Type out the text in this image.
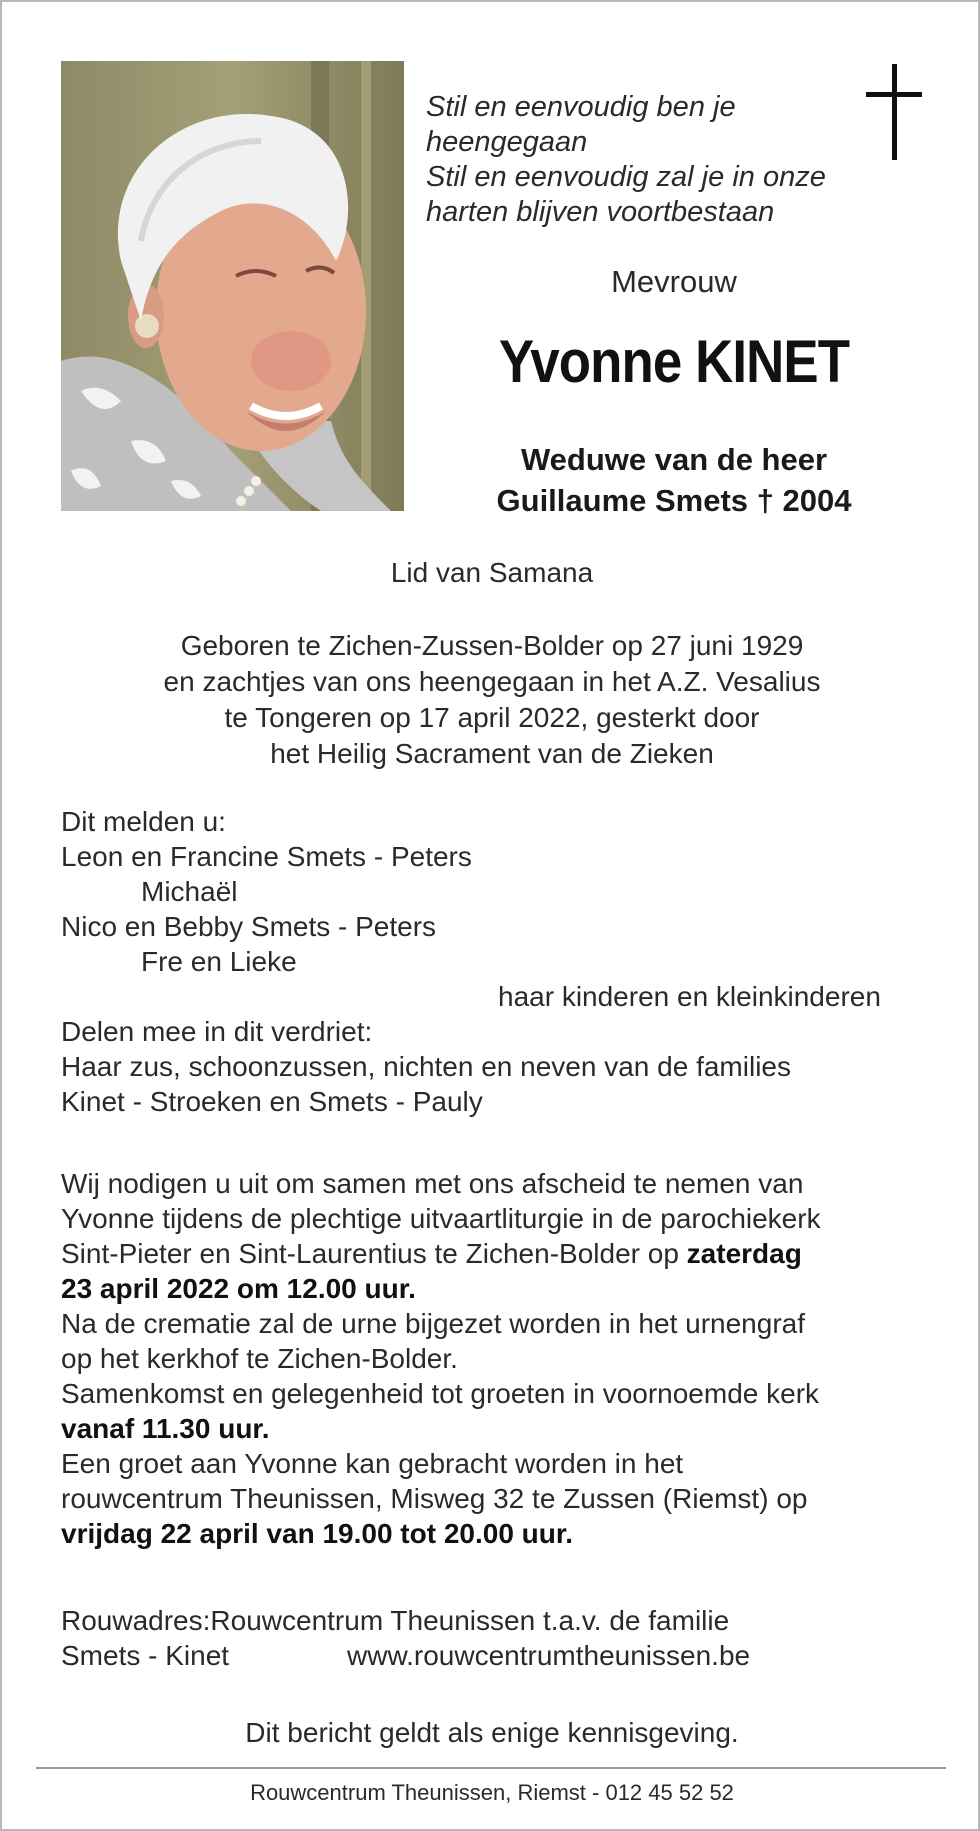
Stil en eenvoudig ben je
heengegaan
Stil en eenvoudig zal je in onze
harten blijven voortbestaan
Mevrouw
Yvonne KINET
Weduwe van de heer
Guillaume Smets † 2004
Lid van Samana
Geboren te Zichen-Zussen-Bolder op 27 juni 1929
en zachtjes van ons heengegaan in het A.Z. Vesalius
te Tongeren op 17 april 2022, gesterkt door
het Heilig Sacrament van de Zieken
Dit melden u:
Leon en Francine Smets - Peters
Michaël
Nico en Bebby Smets - Peters
Fre en Lieke
haar kinderen en kleinkinderen
Delen mee in dit verdriet:
Haar zus, schoonzussen, nichten en neven van de families
Kinet - Stroeken en Smets - Pauly
Wij nodigen u uit om samen met ons afscheid te nemen van
Yvonne tijdens de plechtige uitvaartliturgie in de parochiekerk
Sint-Pieter en Sint-Laurentius te Zichen-Bolder op zaterdag
23 april 2022 om 12.00 uur.
Na de crematie zal de urne bijgezet worden in het urnengraf
op het kerkhof te Zichen-Bolder.
Samenkomst en gelegenheid tot groeten in voornoemde kerk
vanaf 11.30 uur.
Een groet aan Yvonne kan gebracht worden in het
rouwcentrum Theunissen, Misweg 32 te Zussen (Riemst) op
vrijdag 22 april van 19.00 tot 20.00 uur.
Rouwadres:Rouwcentrum Theunissen t.a.v. de familie
Smets - Kinet	www.rouwcentrumtheunissen.be
Dit bericht geldt als enige kennisgeving.
Rouwcentrum Theunissen, Riemst - 012 45 52 52
